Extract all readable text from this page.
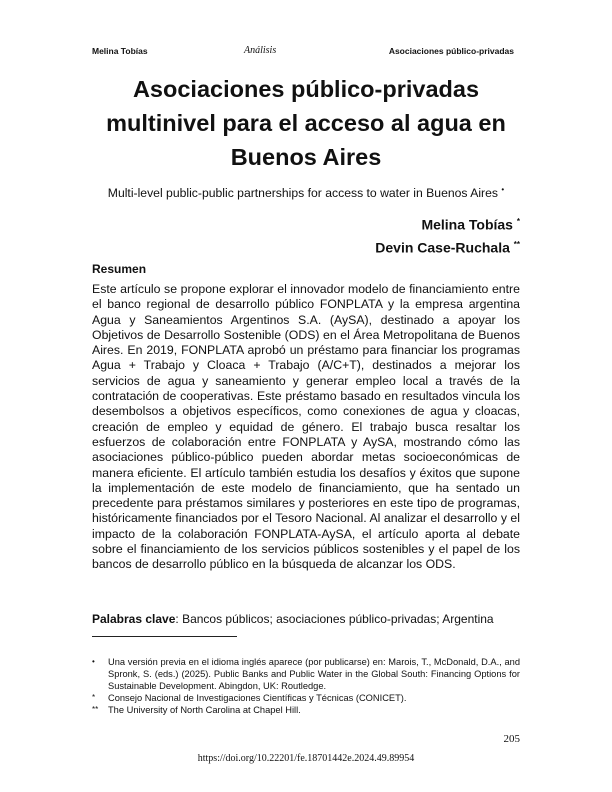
Melina Tobías	Análisis	Asociaciones público-privadas
Asociaciones público-privadas
multinivel para el acceso al agua en
Buenos Aires
Multi-level public-public partnerships for access to water in Buenos Aires •
Melina Tobías *
Devin Case-Ruchala **
Resumen
Este artículo se propone explorar el innovador modelo de financiamiento entre el banco regional de desarrollo público FONPLATA y la empresa argentina Agua y Saneamientos Argentinos S.A. (AySA), destinado a apoyar los Objetivos de Desarrollo Sostenible (ODS) en el Área Metropolitana de Buenos Aires. En 2019, FONPLATA aprobó un préstamo para financiar los programas Agua + Trabajo y Cloaca + Trabajo (A/C+T), destinados a mejorar los servicios de agua y saneamiento y generar empleo local a través de la contratación de cooperativas. Este préstamo basado en resultados vincula los desembolsos a objetivos específicos, como conexiones de agua y cloacas, creación de empleo y equidad de género. El trabajo busca resaltar los esfuerzos de colaboración entre FONPLATA y AySA, mostrando cómo las asociaciones público-público pueden abordar metas socioeconómicas de manera eficiente. El artículo también estudia los desafíos y éxitos que supone la implementación de este modelo de financiamiento, que ha sentado un precedente para préstamos similares y posteriores en este tipo de programas, históricamente financiados por el Tesoro Nacional. Al analizar el desarrollo y el impacto de la colaboración FONPLATA-AySA, el artículo aporta al debate sobre el financiamiento de los servicios públicos sostenibles y el papel de los bancos de desarrollo público en la búsqueda de alcanzar los ODS.
Palabras clave: Bancos públicos; asociaciones público-privadas; Argentina
• Una versión previa en el idioma inglés aparece (por publicarse) en: Marois, T., McDonald, D.A., and Spronk, S. (eds.) (2025). Public Banks and Public Water in the Global South: Financing Options for Sustainable Development. Abingdon, UK: Routledge.
* Consejo Nacional de Investigaciones Científicas y Técnicas (CONICET).
** The University of North Carolina at Chapel Hill.
205
https://doi.org/10.22201/fe.18701442e.2024.49.89954
